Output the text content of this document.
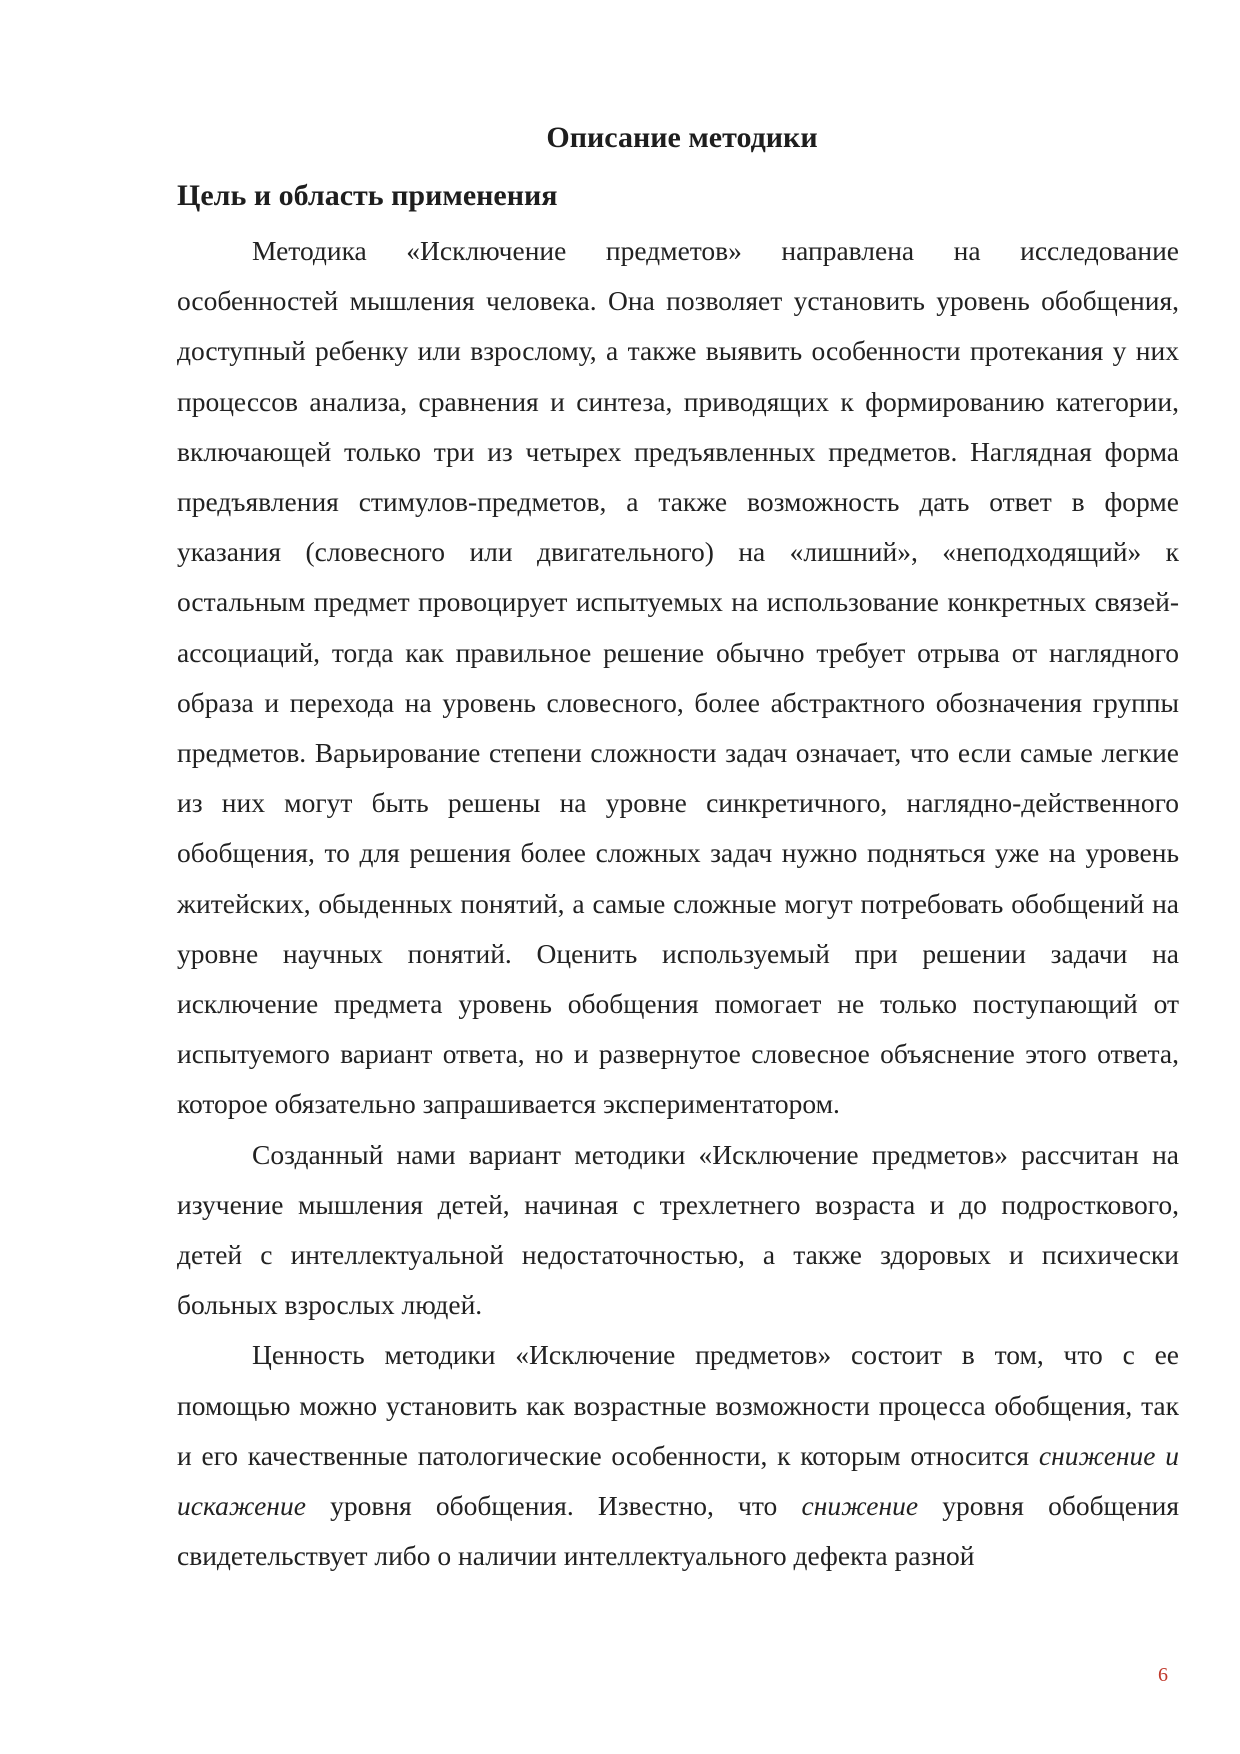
Описание методики
Цель и область применения

Методика «Исключение предметов» направлена на исследование особенностей мышления человека. Она позволяет установить уровень обобщения, доступный ребенку или взрослому, а также выявить особенности протекания у них процессов анализа, сравнения и синтеза, приводящих к формированию категории, включающей только три из четырех предъявленных предметов. Наглядная форма предъявления стимулов-предметов, а также возможность дать ответ в форме указания (словесного или двигательного) на «лишний», «неподходящий» к остальным предмет провоцирует испытуемых на использование конкретных связей-ассоциаций, тогда как правильное решение обычно требует отрыва от наглядного образа и перехода на уровень словесного, более абстрактного обозначения группы предметов. Варьирование степени сложности задач означает, что если самые легкие из них могут быть решены на уровне синкретичного, наглядно-действенного обобщения, то для решения более сложных задач нужно подняться уже на уровень житейских, обыденных понятий, а самые сложные могут потребовать обобщений на уровне научных понятий. Оценить используемый при решении задачи на исключение предмета уровень обобщения помогает не только поступающий от испытуемого вариант ответа, но и развернутое словесное объяснение этого ответа, которое обязательно запрашивается экспериментатором.

Созданный нами вариант методики «Исключение предметов» рассчитан на изучение мышления детей, начиная с трехлетнего возраста и до подросткового, детей с интеллектуальной недостаточностью, а также здоровых и психически больных взрослых людей.

Ценность методики «Исключение предметов» состоит в том, что с ее помощью можно установить как возрастные возможности процесса обобщения, так и его качественные патологические особенности, к которым относится снижение и искажение уровня обобщения. Известно, что снижение уровня обобщения свидетельствует либо о наличии интеллектуального дефекта разной

6
